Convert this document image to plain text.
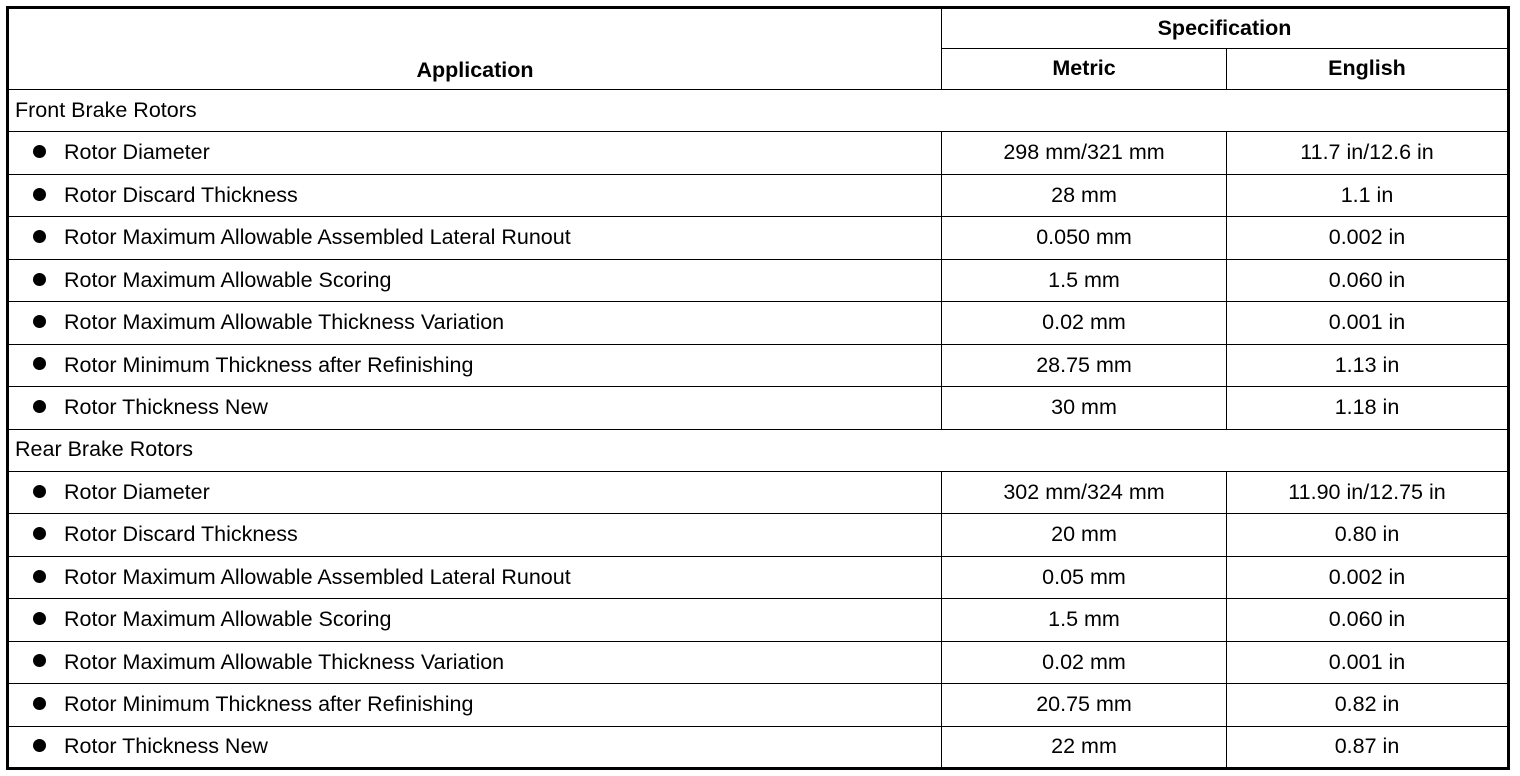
Application	Specification	
	Metric	English
Front Brake Rotors		
Rotor Diameter	298 mm/321 mm	11.7 in/12.6 in
Rotor Discard Thickness	28 mm	1.1 in
Rotor Maximum Allowable Assembled Lateral Runout	0.050 mm	0.002 in
Rotor Maximum Allowable Scoring	1.5 mm	0.060 in
Rotor Maximum Allowable Thickness Variation	0.02 mm	0.001 in
Rotor Minimum Thickness after Refinishing	28.75 mm	1.13 in
Rotor Thickness New	30 mm	1.18 in
Rear Brake Rotors		
Rotor Diameter	302 mm/324 mm	11.90 in/12.75 in
Rotor Discard Thickness	20 mm	0.80 in
Rotor Maximum Allowable Assembled Lateral Runout	0.05 mm	0.002 in
Rotor Maximum Allowable Scoring	1.5 mm	0.060 in
Rotor Maximum Allowable Thickness Variation	0.02 mm	0.001 in
Rotor Minimum Thickness after Refinishing	20.75 mm	0.82 in
Rotor Thickness New	22 mm	0.87 in
